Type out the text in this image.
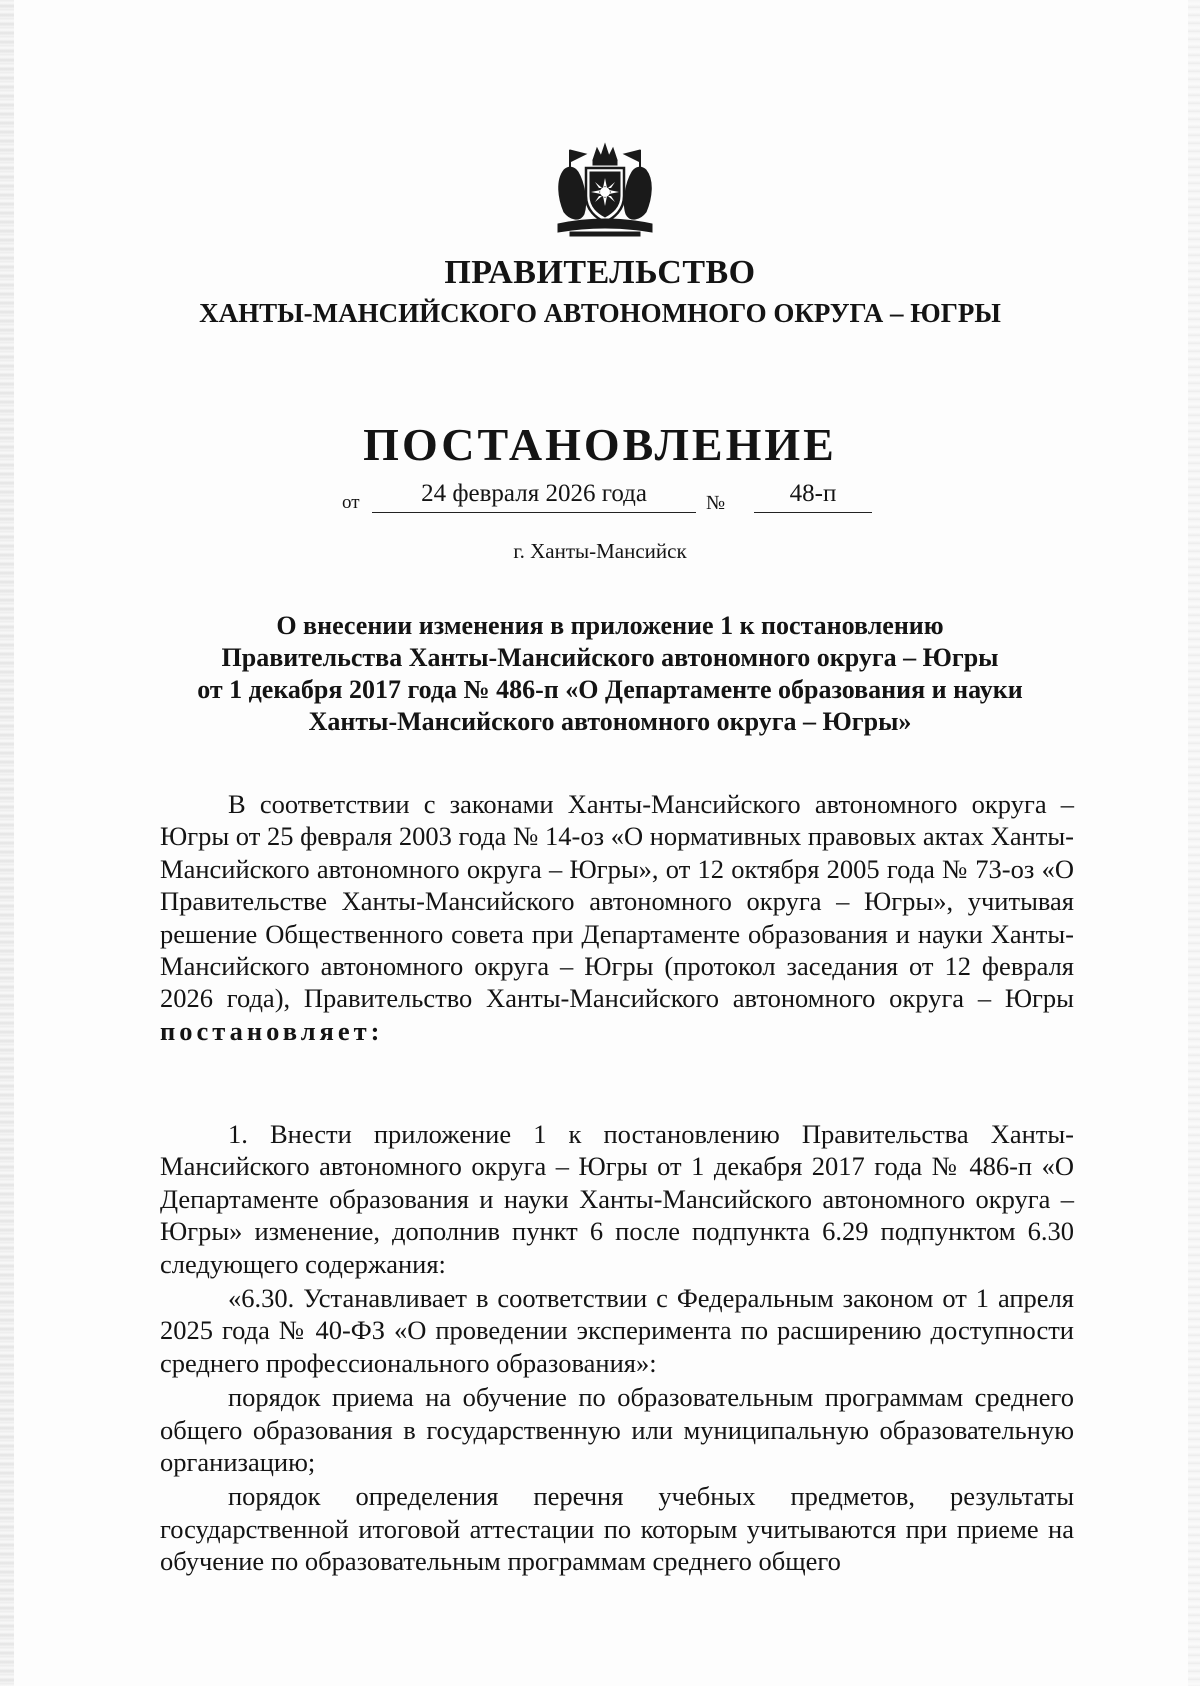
ПРАВИТЕЛЬСТВО
ХАНТЫ-МАНСИЙСКОГО АВТОНОМНОГО ОКРУГА – ЮГРЫ
ПОСТАНОВЛЕНИЕ
от	24 февраля 2026 года	№	48-п
г. Ханты-Мансийск
О внесении изменения в приложение 1 к постановлению
Правительства Ханты-Мансийского автономного округа – Югры
от 1 декабря 2017 года № 486-п «О Департаменте образования и науки
Ханты-Мансийского автономного округа – Югры»

В соответствии с законами Ханты-Мансийского автономного округа – Югры от 25 февраля 2003 года № 14-оз «О нормативных правовых актах Ханты-Мансийского автономного округа – Югры», от 12 октября 2005 года № 73-оз «О Правительстве Ханты-Мансийского автономного округа – Югры», учитывая решение Общественного совета при Департаменте образования и науки Ханты-Мансийского автономного округа – Югры (протокол заседания от 12 февраля 2026 года), Правительство Ханты-Мансийского автономного округа – Югры постановляет:

1. Внести приложение 1 к постановлению Правительства Ханты-Мансийского автономного округа – Югры от 1 декабря 2017 года № 486-п «О Департаменте образования и науки Ханты-Мансийского автономного округа – Югры» изменение, дополнив пункт 6 после подпункта 6.29 подпунктом 6.30 следующего содержания:

«6.30. Устанавливает в соответствии с Федеральным законом от 1 апреля 2025 года № 40-ФЗ «О проведении эксперимента по расширению доступности среднего профессионального образования»:

порядок приема на обучение по образовательным программам среднего общего образования в государственную или муниципальную образовательную организацию;

порядок определения перечня учебных предметов, результаты государственной итоговой аттестации по которым учитываются при приеме на обучение по образовательным программам среднего общего
